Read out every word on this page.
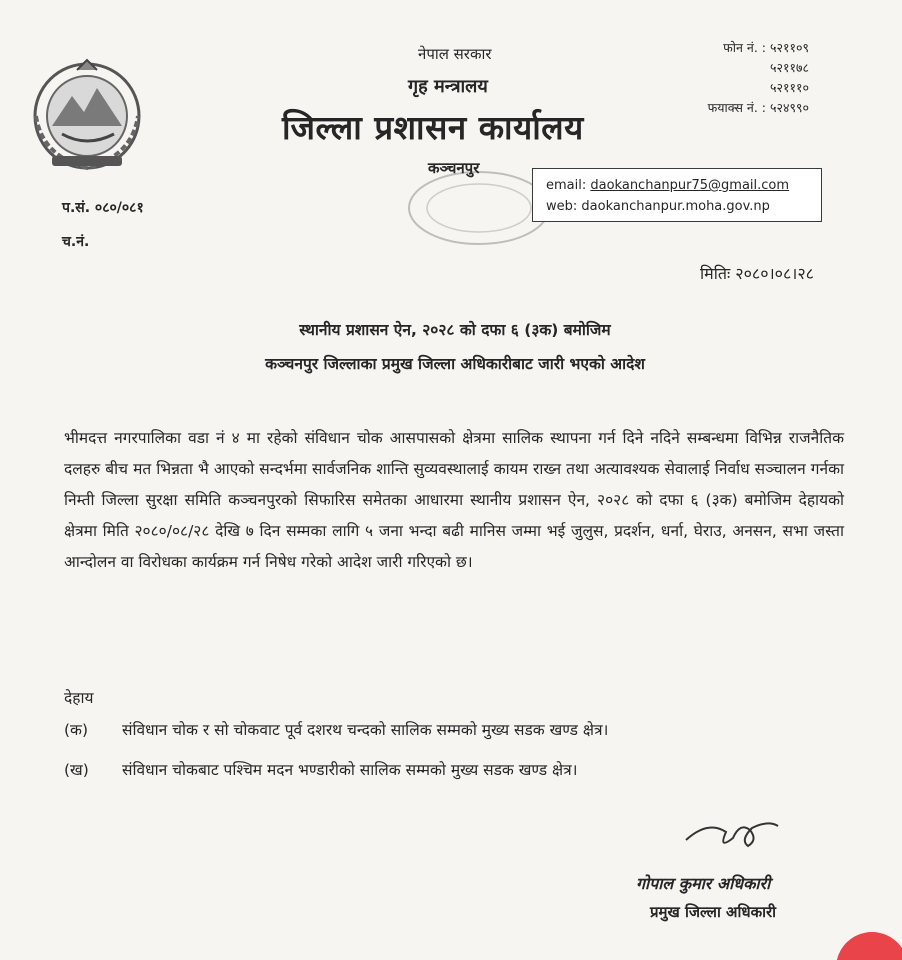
नेपाल सरकार
गृह मन्त्रालय
जिल्ला प्रशासन कार्यालय
कञ्चनपुर
फोन नं. : ५२११०९
५२११७८
५२१११०
फयाक्स नं. : ५२४९९०
email: daokanchanpur75@gmail.com
web: daokanchanpur.moha.gov.np
प.सं. ०८०/०८१
च.नं.
मितिः २०८०।०८।२८
स्थानीय प्रशासन ऐन, २०२८ को दफा ६ (३क) बमोजिम
कञ्चनपुर जिल्लाका प्रमुख जिल्ला अधिकारीबाट जारी भएको आदेश
भीमदत्त नगरपालिका वडा नं ४ मा रहेको संविधान चोक आसपासको क्षेत्रमा सालिक स्थापना गर्न दिने नदिने सम्बन्धमा विभिन्न राजनैतिक दलहरु बीच मत भिन्नता भै आएको सन्दर्भमा सार्वजनिक शान्ति सुव्यवस्थालाई कायम राख्न तथा अत्यावश्यक सेवालाई निर्वाध सञ्चालन गर्नका निम्ती जिल्ला सुरक्षा समिति कञ्चनपुरको सिफारिस समेतका आधारमा स्थानीय प्रशासन ऐन, २०२८ को दफा ६ (३क) बमोजिम देहायको क्षेत्रमा मिति २०८०/०८/२८ देखि ७ दिन सम्मका लागि ५ जना भन्दा बढी मानिस जम्मा भई जुलुस, प्रदर्शन, धर्ना, घेराउ, अनसन, सभा जस्ता आन्दोलन वा विरोधका कार्यक्रम गर्न निषेध गरेको आदेश जारी गरिएको छ।
देहाय
(क) संविधान चोक र सो चोकवाट पूर्व दशरथ चन्दको सालिक सम्मको मुख्य सडक खण्ड क्षेत्र।
(ख) संविधान चोकबाट पश्चिम मदन भण्डारीको सालिक सम्मको मुख्य सडक खण्ड क्षेत्र।
गोपाल कुमार अधिकारी
प्रमुख जिल्ला अधिकारी
